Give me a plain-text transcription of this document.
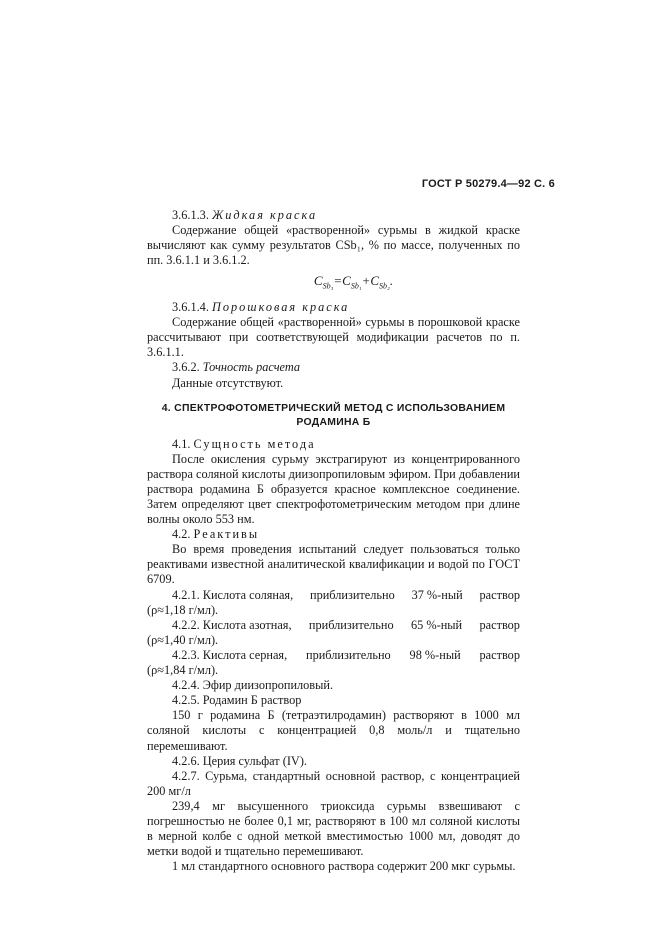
ГОСТ Р 50279.4—92 С. 6

3.6.1.3. Жидкая краска

Содержание общей «растворенной» сурьмы в жидкой краске вычисляют как сумму результатов CSb₁, % по массе, полученных по пп. 3.6.1.1 и 3.6.1.2.

$C_{Sb_3}=C_{Sb_1}+C_{Sb_2}$.

3.6.1.4. Порошковая краска

Содержание общей «растворенной» сурьмы в порошковой краске рассчитывают при соответствующей модификации расчетов по п. 3.6.1.1.

3.6.2. Точность расчета

Данные отсутствуют.

4. СПЕКТРОФОТОМЕТРИЧЕСКИЙ МЕТОД С ИСПОЛЬЗОВАНИЕМ
РОДАМИНА Б

4.1. Сущность метода

После окисления сурьму экстрагируют из концентрированного раствора соляной кислоты диизопропиловым эфиром. При добавлении раствора родамина Б образуется красное комплексное соединение. Затем определяют цвет спектрофотометрическим методом при длине волны около 553 нм.

4.2. Реактивы

Во время проведения испытаний следует пользоваться только реактивами известной аналитической квалификации и водой по ГОСТ 6709.

4.2.1. Кислота соляная, приблизительно 37 %-ный раствор

(ρ≈1,18 г/мл).

4.2.2. Кислота азотная, приблизительно 65 %-ный раствор

(ρ≈1,40 г/мл).

4.2.3. Кислота серная, приблизительно 98 %-ный раствор

(ρ≈1,84 г/мл).

4.2.4. Эфир диизопропиловый.

4.2.5. Родамин Б раствор

150 г родамина Б (тетраэтилродамин) растворяют в 1000 мл соляной кислоты с концентрацией 0,8 моль/л и тщательно перемешивают.

4.2.6. Церия сульфат (IV).

4.2.7. Сурьма, стандартный основной раствор, с концентрацией 200 мг/л

239,4 мг высушенного триоксида сурьмы взвешивают с погрешностью не более 0,1 мг, растворяют в 100 мл соляной кислоты в мерной колбе с одной меткой вместимостью 1000 мл, доводят до метки водой и тщательно перемешивают.

1 мл стандартного основного раствора содержит 200 мкг сурьмы.
